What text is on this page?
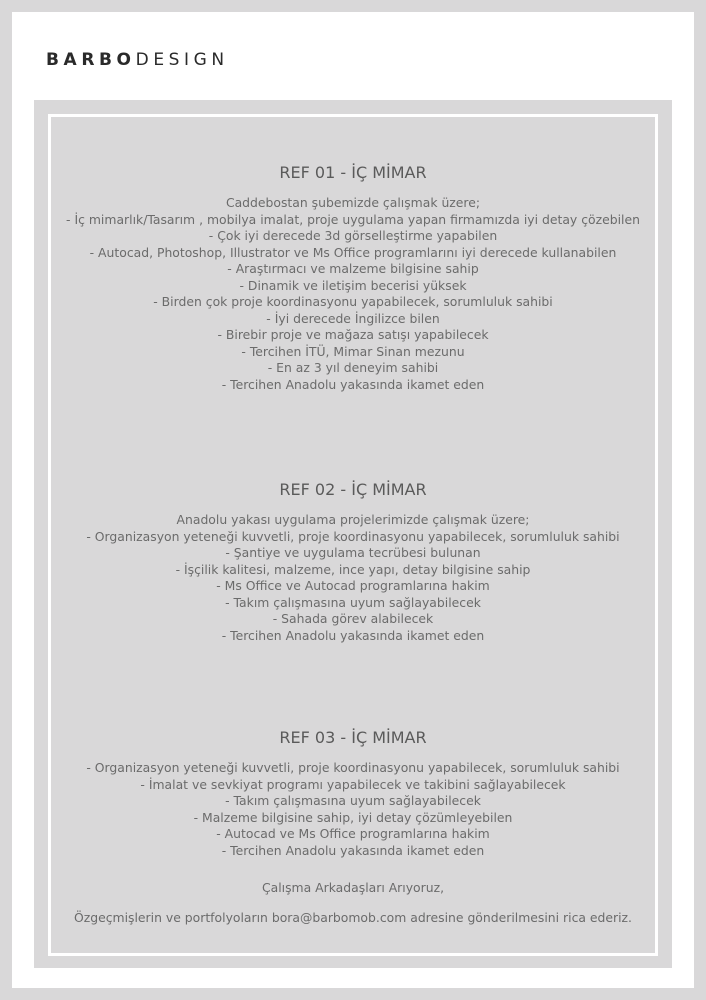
BARBODESIGN
REF 01 - İÇ MİMAR
Caddebostan şubemizde çalışmak üzere;
- İç mimarlık/Tasarım , mobilya imalat, proje uygulama yapan firmamızda iyi detay çözebilen
- Çok iyi derecede 3d görselleştirme yapabilen
- Autocad, Photoshop, Illustrator ve Ms Office programlarını iyi derecede kullanabilen
- Araştırmacı ve malzeme bilgisine sahip
- Dinamik ve iletişim becerisi yüksek
- Birden çok proje koordinasyonu yapabilecek, sorumluluk sahibi
- İyi derecede İngilizce bilen
- Birebir proje ve mağaza satışı yapabilecek
- Tercihen İTÜ, Mimar Sinan mezunu
- En az 3 yıl deneyim sahibi
- Tercihen Anadolu yakasında ikamet eden
REF 02 - İÇ MİMAR
Anadolu yakası uygulama projelerimizde çalışmak üzere;
- Organizasyon yeteneği kuvvetli, proje koordinasyonu yapabilecek, sorumluluk sahibi
- Şantiye ve uygulama tecrübesi bulunan
- İşçilik kalitesi, malzeme, ince yapı, detay bilgisine sahip
- Ms Office ve Autocad programlarına hakim
- Takım çalışmasına uyum sağlayabilecek
- Sahada görev alabilecek
- Tercihen Anadolu yakasında ikamet eden
REF 03 - İÇ MİMAR
- Organizasyon yeteneği kuvvetli, proje koordinasyonu yapabilecek, sorumluluk sahibi
- İmalat ve sevkiyat programı yapabilecek ve takibini sağlayabilecek
- Takım çalışmasına uyum sağlayabilecek
- Malzeme bilgisine sahip, iyi detay çözümleyebilen
- Autocad ve Ms Office programlarına hakim
- Tercihen Anadolu yakasında ikamet eden
Çalışma Arkadaşları Arıyoruz,
Özgeçmişlerin ve portfolyoların bora@barbomob.com adresine gönderilmesini rica ederiz.
